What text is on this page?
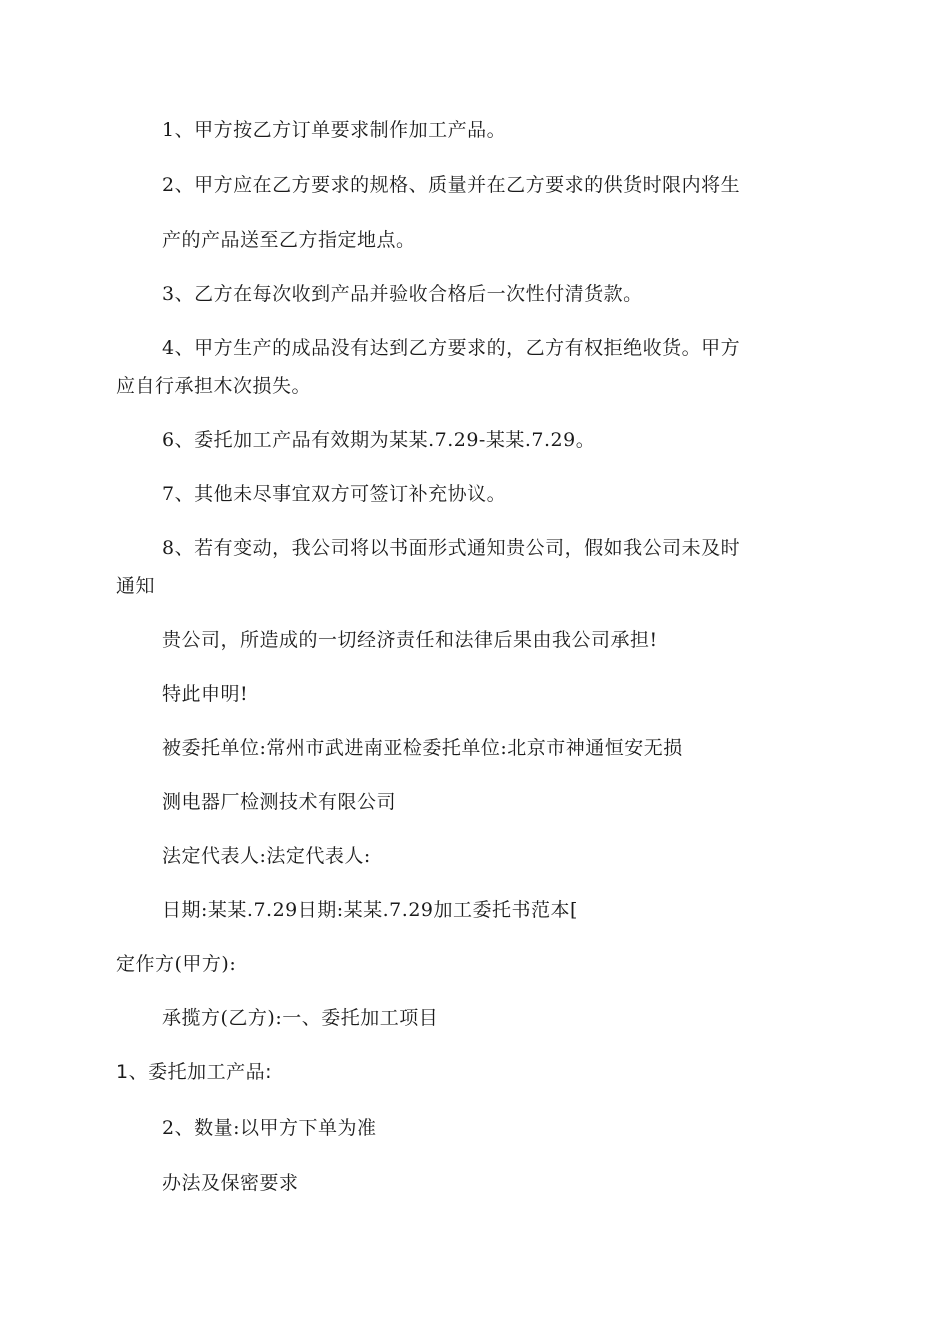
1、甲方按乙方订单要求制作加工产品。
2、甲方应在乙方要求的规格、质量并在乙方要求的供货时限内将生
产的产品送至乙方指定地点。
3、乙方在每次收到产品并验收合格后一次性付清货款。
4、甲方生产的成品没有达到乙方要求的，乙方有权拒绝收货。甲方
应自行承担木次损失。
6、委托加工产品有效期为某某.7.29-某某.7.29。
7、其他未尽事宜双方可签订补充协议。
8、若有变动，我公司将以书面形式通知贵公司，假如我公司未及时
通知
贵公司，所造成的一切经济责任和法律后果由我公司承担!
特此申明!
被委托单位:常州市武进南亚检委托单位:北京市神通恒安无损
测电器厂检测技术有限公司
法定代表人:法定代表人:
日期:某某.7.29日期:某某.7.29加工委托书范本[
定作方(甲方):
承揽方(乙方):一、委托加工项目
1、委托加工产品:
2、数量:以甲方下单为准
办法及保密要求
